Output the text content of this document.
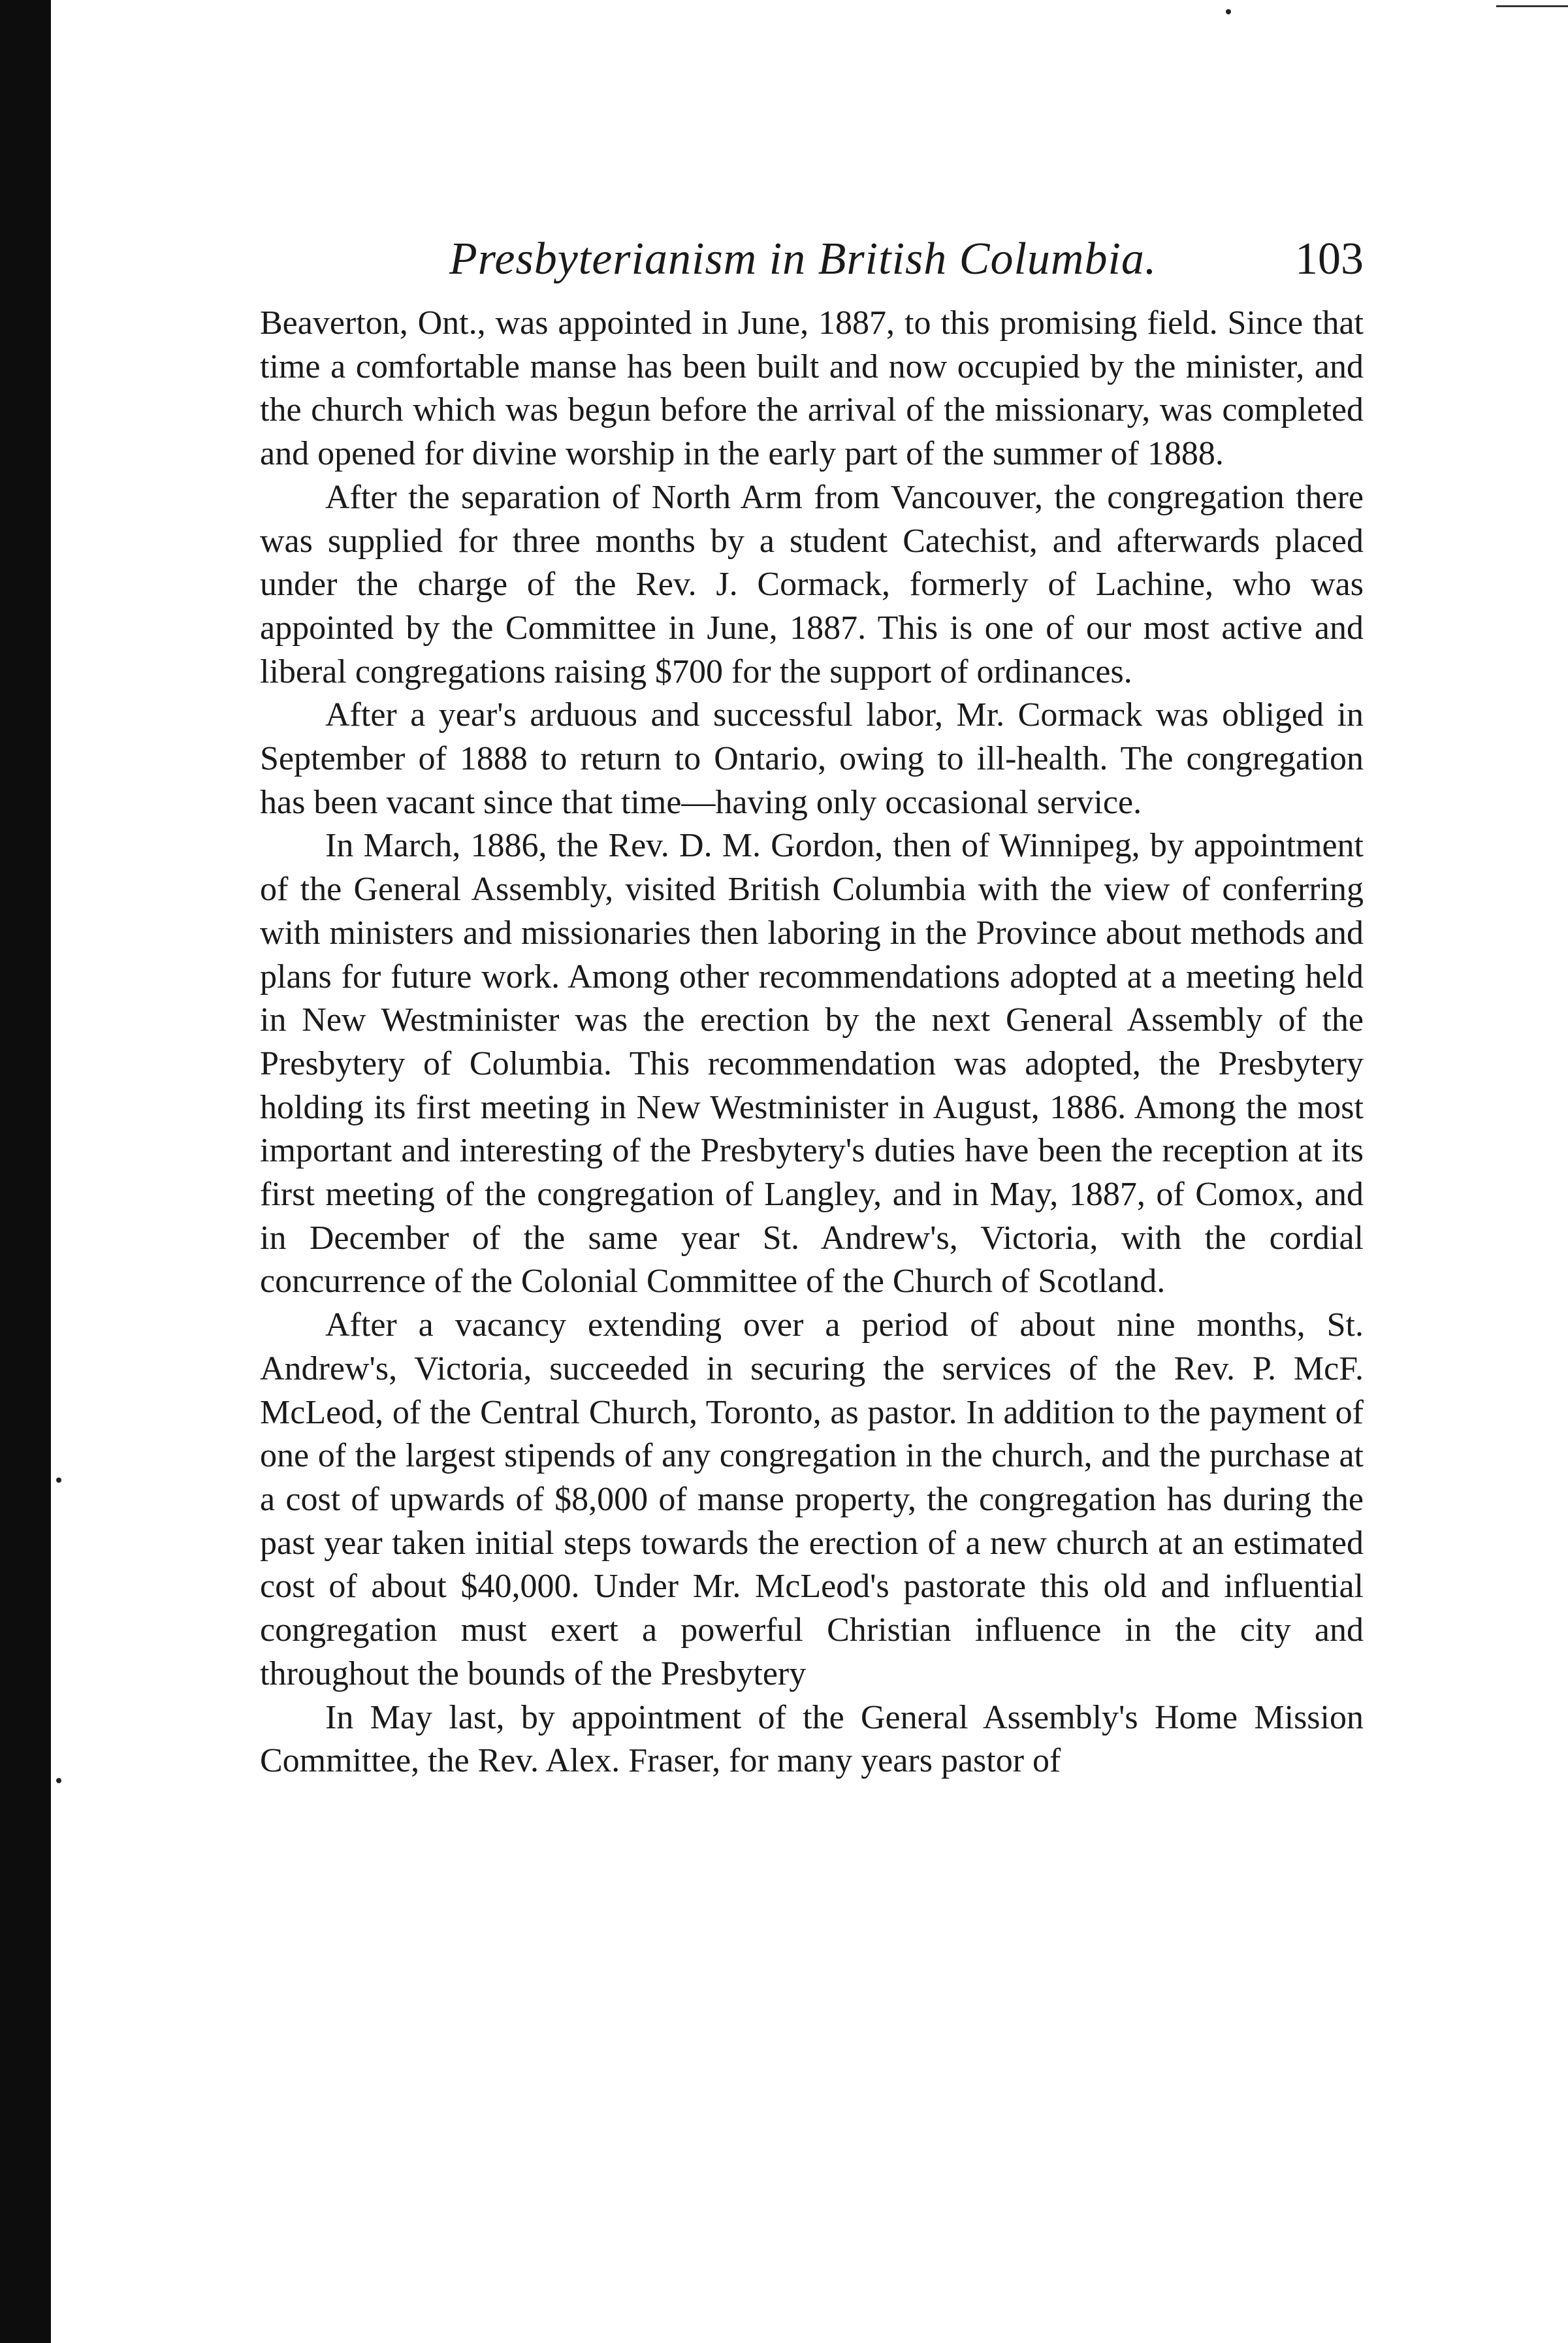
Presbyterianism in British Columbia.	103

Beaverton, Ont., was appointed in June, 1887, to this promising field. Since that time a comfortable manse has been built and now occupied by the minister, and the church which was begun before the arrival of the missionary, was completed and opened for divine worship in the early part of the summer of 1888.

After the separation of North Arm from Vancouver, the congregation there was supplied for three months by a student Catechist, and afterwards placed under the charge of the Rev. J. Cormack, formerly of Lachine, who was appointed by the Committee in June, 1887. This is one of our most active and liberal congregations raising $700 for the support of ordinances.

After a year's arduous and successful labor, Mr. Cormack was obliged in September of 1888 to return to Ontario, owing to ill-health. The congregation has been vacant since that time—having only occasional service.

In March, 1886, the Rev. D. M. Gordon, then of Winnipeg, by appointment of the General Assembly, visited British Columbia with the view of conferring with ministers and missionaries then laboring in the Province about methods and plans for future work. Among other recommendations adopted at a meeting held in New Westminister was the erection by the next General Assembly of the Presbytery of Columbia. This recommendation was adopted, the Presbytery holding its first meeting in New Westminister in August, 1886. Among the most important and interesting of the Presbytery's duties have been the reception at its first meeting of the congregation of Langley, and in May, 1887, of Comox, and in December of the same year St. Andrew's, Victoria, with the cordial concurrence of the Colonial Committee of the Church of Scotland.

After a vacancy extending over a period of about nine months, St. Andrew's, Victoria, succeeded in securing the services of the Rev. P. McF. McLeod, of the Central Church, Toronto, as pastor. In addition to the payment of one of the largest stipends of any congregation in the church, and the purchase at a cost of upwards of $8,000 of manse property, the congregation has during the past year taken initial steps towards the erection of a new church at an estimated cost of about $40,000. Under Mr. McLeod's pastorate this old and influential congregation must exert a powerful Christian influence in the city and throughout the bounds of the Presbytery

In May last, by appointment of the General Assembly's Home Mission Committee, the Rev. Alex. Fraser, for many years pastor of
